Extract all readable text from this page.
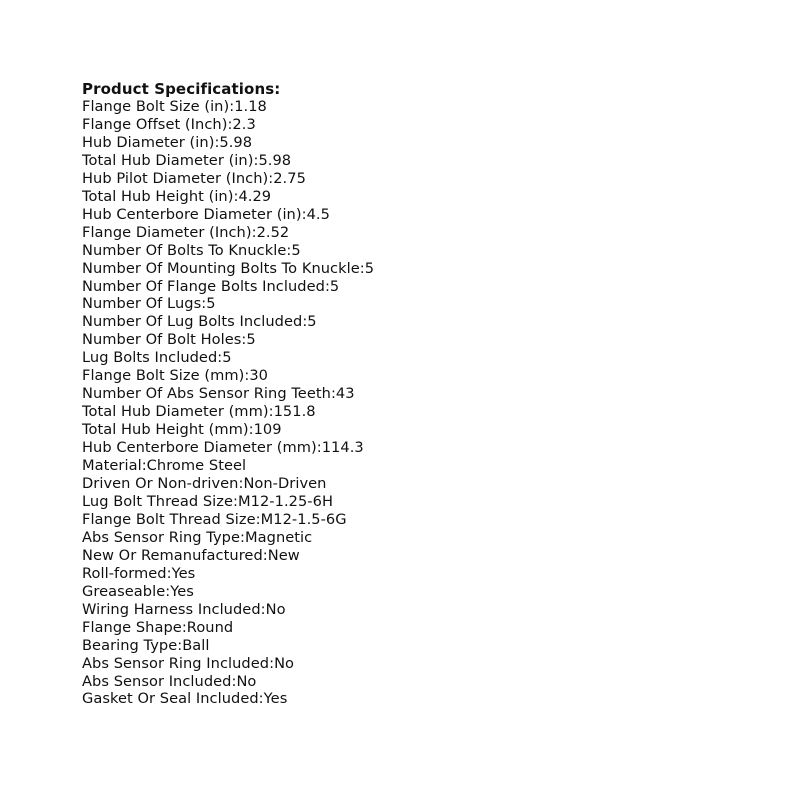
Product Specifications:
Flange Bolt Size (in):1.18
Flange Offset (Inch):2.3
Hub Diameter (in):5.98
Total Hub Diameter (in):5.98
Hub Pilot Diameter (Inch):2.75
Total Hub Height (in):4.29
Hub Centerbore Diameter (in):4.5
Flange Diameter (Inch):2.52
Number Of Bolts To Knuckle:5
Number Of Mounting Bolts To Knuckle:5
Number Of Flange Bolts Included:5
Number Of Lugs:5
Number Of Lug Bolts Included:5
Number Of Bolt Holes:5
Lug Bolts Included:5
Flange Bolt Size (mm):30
Number Of Abs Sensor Ring Teeth:43
Total Hub Diameter (mm):151.8
Total Hub Height (mm):109
Hub Centerbore Diameter (mm):114.3
Material:Chrome Steel
Driven Or Non-driven:Non-Driven
Lug Bolt Thread Size:M12-1.25-6H
Flange Bolt Thread Size:M12-1.5-6G
Abs Sensor Ring Type:Magnetic
New Or Remanufactured:New
Roll-formed:Yes
Greaseable:Yes
Wiring Harness Included:No
Flange Shape:Round
Bearing Type:Ball
Abs Sensor Ring Included:No
Abs Sensor Included:No
Gasket Or Seal Included:Yes
